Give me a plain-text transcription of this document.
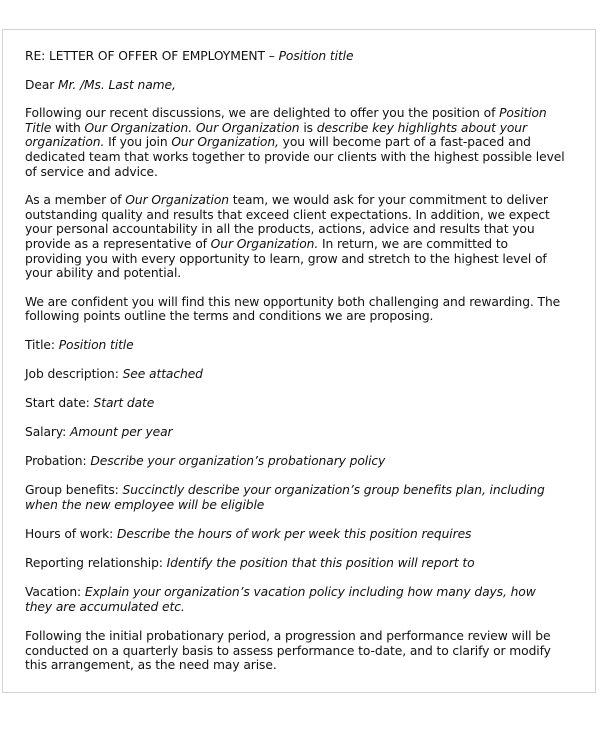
RE: LETTER OF OFFER OF EMPLOYMENT – Position title

Dear Mr. /Ms. Last name,

Following our recent discussions, we are delighted to offer you the position of Position Title with Our Organization. Our Organization is describe key highlights about your organization. If you join Our Organization, you will become part of a fast-paced and dedicated team that works together to provide our clients with the highest possible level of service and advice.

As a member of Our Organization team, we would ask for your commitment to deliver outstanding quality and results that exceed client expectations. In addition, we expect your personal accountability in all the products, actions, advice and results that you provide as a representative of Our Organization. In return, we are committed to providing you with every opportunity to learn, grow and stretch to the highest level of your ability and potential.

We are confident you will find this new opportunity both challenging and rewarding. The following points outline the terms and conditions we are proposing.

Title: Position title

Job description: See attached

Start date: Start date

Salary: Amount per year

Probation: Describe your organization’s probationary policy

Group benefits: Succinctly describe your organization’s group benefits plan, including when the new employee will be eligible

Hours of work: Describe the hours of work per week this position requires

Reporting relationship: Identify the position that this position will report to

Vacation: Explain your organization’s vacation policy including how many days, how they are accumulated etc.

Following the initial probationary period, a progression and performance review will be conducted on a quarterly basis to assess performance to-date, and to clarify or modify this arrangement, as the need may arise.
